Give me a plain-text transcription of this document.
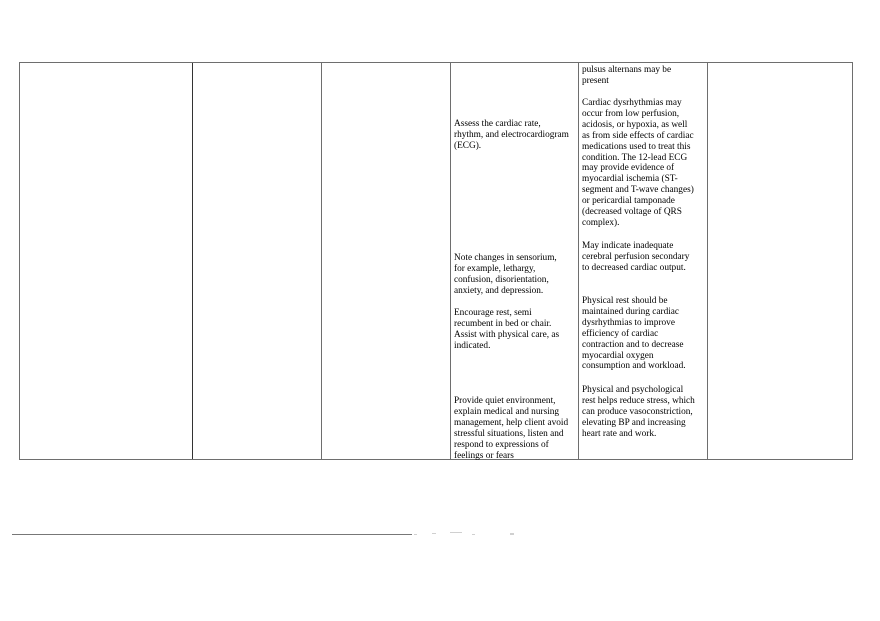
Assess the cardiac rate,
rhythm, and electrocardiogram
(ECG).
Note changes in sensorium,
for example, lethargy,
confusion, disorientation,
anxiety, and depression.
Encourage rest, semi
recumbent in bed or chair.
Assist with physical care, as
indicated.
Provide quiet environment,
explain medical and nursing
management, help client avoid
stressful situations, listen and
respond to expressions of
feelings or fears
pulsus alternans may be
present
Cardiac dysrhythmias may
occur from low perfusion,
acidosis, or hypoxia, as well
as from side effects of cardiac
medications used to treat this
condition. The 12-lead ECG
may provide evidence of
myocardial ischemia (ST-
segment and T-wave changes)
or pericardial tamponade
(decreased voltage of QRS
complex).
May indicate inadequate
cerebral perfusion secondary
to decreased cardiac output.
Physical rest should be
maintained during cardiac
dysrhythmias to improve
efficiency of cardiac
contraction and to decrease
myocardial oxygen
consumption and workload.
Physical and psychological
rest helps reduce stress, which
can produce vasoconstriction,
elevating BP and increasing
heart rate and work.
